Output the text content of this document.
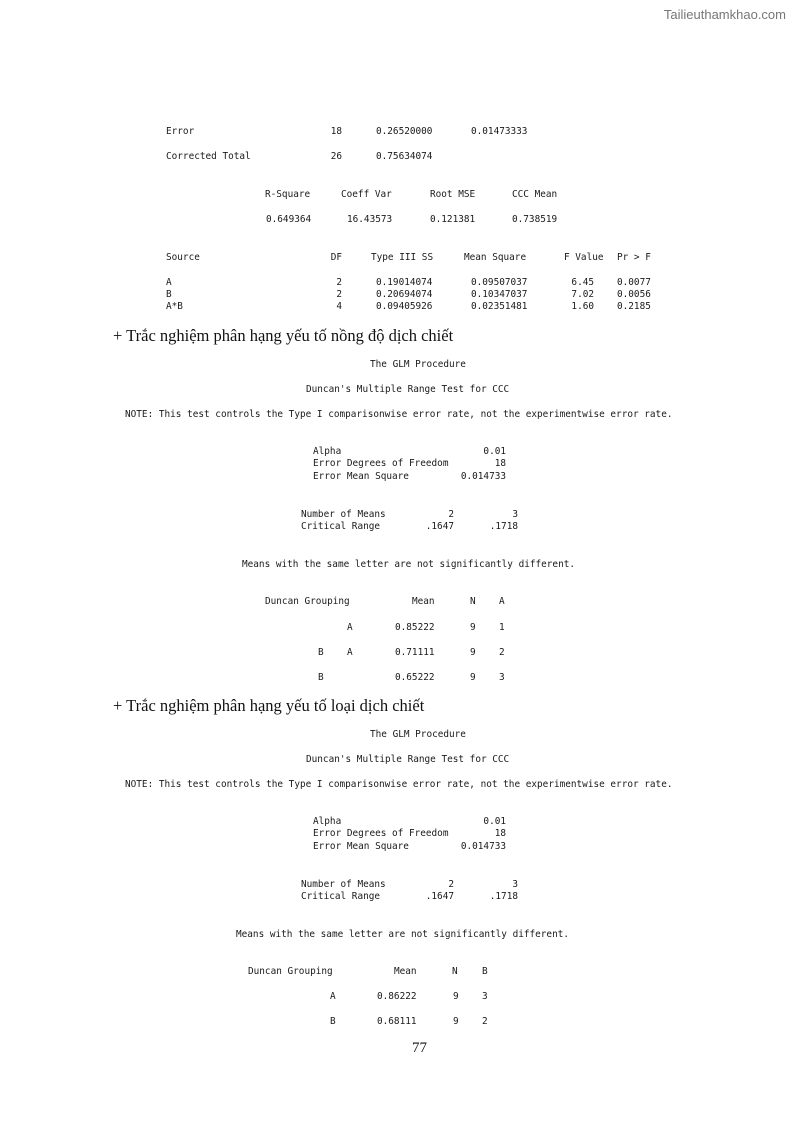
Tailieuthamkhao.com
Error	18	0.26520000	0.01473333
Corrected Total	26	0.75634074
R-Square	Coeff Var	Root MSE	CCC Mean
0.649364	16.43573	0.121381	0.738519
Source	DF	Type III SS	Mean Square	F Value Pr > F
A	2	0.19014074	0.09507037	6.45 0.0077
B	2	0.20694074	0.10347037	7.02 0.0056
A*B	4	0.09405926	0.02351481	1.60 0.2185
+ Trắc nghiệm phân hạng yếu tố nồng độ dịch chiết
The GLM Procedure
Duncan's Multiple Range Test for CCC
NOTE: This test controls the Type I comparisonwise error rate, not the experimentwise error rate.
Alpha	0.01
Error Degrees of Freedom	18
Error Mean Square	0.014733
Number of Means	2	3
Critical Range	.1647	.1718
Means with the same letter are not significantly different.
Duncan Grouping	Mean	N A
A	0.85222	9 1
B A	0.71111	9 2
B	0.65222	9 3
+ Trắc nghiệm phân hạng yếu tố loại dịch chiết
The GLM Procedure
Duncan's Multiple Range Test for CCC
NOTE: This test controls the Type I comparisonwise error rate, not the experimentwise error rate.
Alpha	0.01
Error Degrees of Freedom	18
Error Mean Square	0.014733
Number of Means	2	3
Critical Range	.1647	.1718
Means with the same letter are not significantly different.
Duncan Grouping	Mean	N	B
A	0.86222	9 3
B	0.68111	9 2
77
